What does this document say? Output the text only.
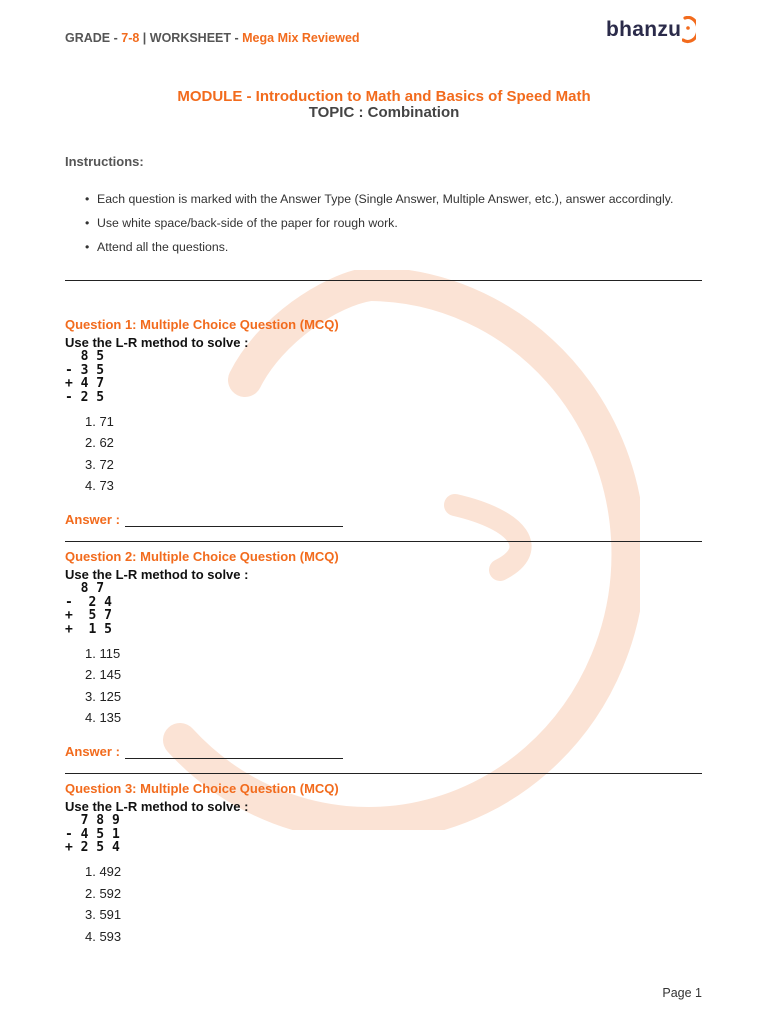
GRADE - 7-8 | WORKSHEET - Mega Mix Reviewed	bhanzu
MODULE - Introduction to Math and Basics of Speed Math
TOPIC : Combination
Instructions:
• Each question is marked with the Answer Type (Single Answer, Multiple Answer, etc.), answer accordingly.
• Use white space/back-side of the paper for rough work.
• Attend all the questions.
Question 1: Multiple Choice Question (MCQ)
Use the L-R method to solve :
8 5
- 3 5
+ 4 7
- 2 5
1. 71
2. 62
3. 72
4. 73
Answer :
Question 2: Multiple Choice Question (MCQ)
Use the L-R method to solve :
8 7
-  2 4
+  5 7
+  1 5
1. 115
2. 145
3. 125
4. 135
Answer :
Question 3: Multiple Choice Question (MCQ)
Use the L-R method to solve :
7 8 9
- 4 5 1
+ 2 5 4
1. 492
2. 592
3. 591
4. 593
Page 1
